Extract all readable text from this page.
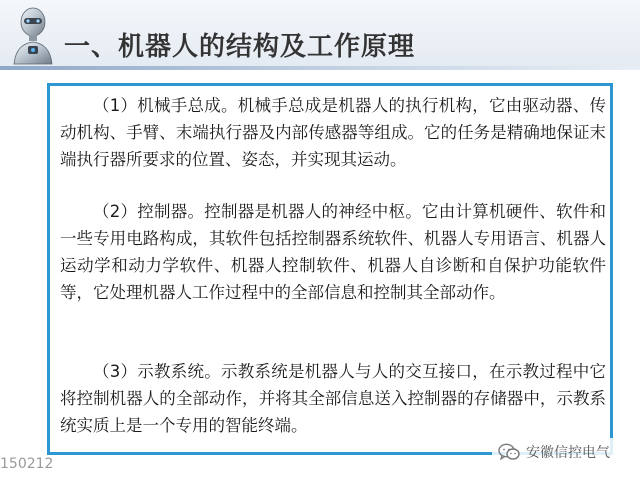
一、机器人的结构及工作原理

（1）机械手总成。机械手总成是机器人的执行机构，它由驱动器、传动机构、手臂、末端执行器及内部传感器等组成。它的任务是精确地保证末端执行器所要求的位置、姿态，并实现其运动。

（2）控制器。控制器是机器人的神经中枢。它由计算机硬件、软件和一些专用电路构成，其软件包括控制器系统软件、机器人专用语言、机器人运动学和动力学软件、机器人控制软件、机器人自诊断和自保护功能软件等，它处理机器人工作过程中的全部信息和控制其全部动作。

（3）示教系统。示教系统是机器人与人的交互接口，在示教过程中它将控制机器人的全部动作，并将其全部信息送入控制器的存储器中，示教系统实质上是一个专用的智能终端。

150212
安徽信控电气
